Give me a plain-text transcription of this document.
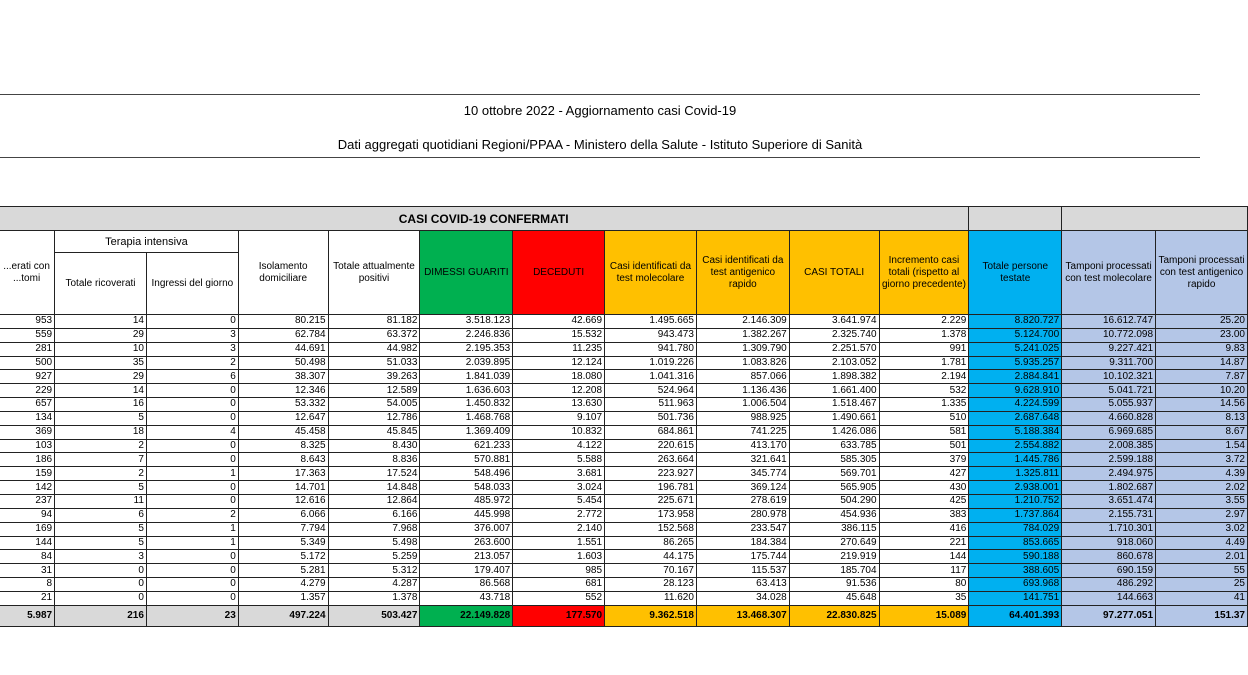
10 ottobre 2022 - Aggiornamento casi Covid-19
Dati aggregati quotidiani Regioni/PPAA - Ministero della Salute - Istituto Superiore di Sanità
CASI COVID-19 CONFERMATI													
...erati con ...tomi	Terapia intensiva		Isolamento domiciliare	Totale attualmente positivi	DIMESSI GUARITI	DECEDUTI	Casi identificati da test molecolare	Casi identificati da test antigenico rapido	CASI TOTALI	Incremento casi totali (rispetto al giorno precedente)	Totale persone testate	Tamponi processati con test molecolare	Tamponi processati con test antigenico rapido
	Totale ricoverati	Ingressi del giorno											
953	14	0	80.215	81.182	3.518.123	42.669	1.495.665	2.146.309	3.641.974	2.229	8.820.727	16.612.747	25.20
559	29	3	62.784	63.372	2.246.836	15.532	943.473	1.382.267	2.325.740	1.378	5.124.700	10.772.098	23.00
281	10	3	44.691	44.982	2.195.353	11.235	941.780	1.309.790	2.251.570	991	5.241.025	9.227.421	9.83
500	35	2	50.498	51.033	2.039.895	12.124	1.019.226	1.083.826	2.103.052	1.781	5.935.257	9.311.700	14.87
927	29	6	38.307	39.263	1.841.039	18.080	1.041.316	857.066	1.898.382	2.194	2.884.841	10.102.321	7.87
229	14	0	12.346	12.589	1.636.603	12.208	524.964	1.136.436	1.661.400	532	9.628.910	5.041.721	10.20
657	16	0	53.332	54.005	1.450.832	13.630	511.963	1.006.504	1.518.467	1.335	4.224.599	5.055.937	14.56
134	5	0	12.647	12.786	1.468.768	9.107	501.736	988.925	1.490.661	510	2.687.648	4.660.828	8.13
369	18	4	45.458	45.845	1.369.409	10.832	684.861	741.225	1.426.086	581	5.188.384	6.969.685	8.67
103	2	0	8.325	8.430	621.233	4.122	220.615	413.170	633.785	501	2.554.882	2.008.385	1.54
186	7	0	8.643	8.836	570.881	5.588	263.664	321.641	585.305	379	1.445.786	2.599.188	3.72
159	2	1	17.363	17.524	548.496	3.681	223.927	345.774	569.701	427	1.325.811	2.494.975	4.39
142	5	0	14.701	14.848	548.033	3.024	196.781	369.124	565.905	430	2.938.001	1.802.687	2.02
237	11	0	12.616	12.864	485.972	5.454	225.671	278.619	504.290	425	1.210.752	3.651.474	3.55
94	6	2	6.066	6.166	445.998	2.772	173.958	280.978	454.936	383	1.737.864	2.155.731	2.97
169	5	1	7.794	7.968	376.007	2.140	152.568	233.547	386.115	416	784.029	1.710.301	3.02
144	5	1	5.349	5.498	263.600	1.551	86.265	184.384	270.649	221	853.665	918.060	4.49
84	3	0	5.172	5.259	213.057	1.603	44.175	175.744	219.919	144	590.188	860.678	2.01
31	0	0	5.281	5.312	179.407	985	70.167	115.537	185.704	117	388.605	690.159	55
8	0	0	4.279	4.287	86.568	681	28.123	63.413	91.536	80	693.968	486.292	25
21	0	0	1.357	1.378	43.718	552	11.620	34.028	45.648	35	141.751	144.663	41
5.987	216	23	497.224	503.427	22.149.828	177.570	9.362.518	13.468.307	22.830.825	15.089	64.401.393	97.277.051	151.37
